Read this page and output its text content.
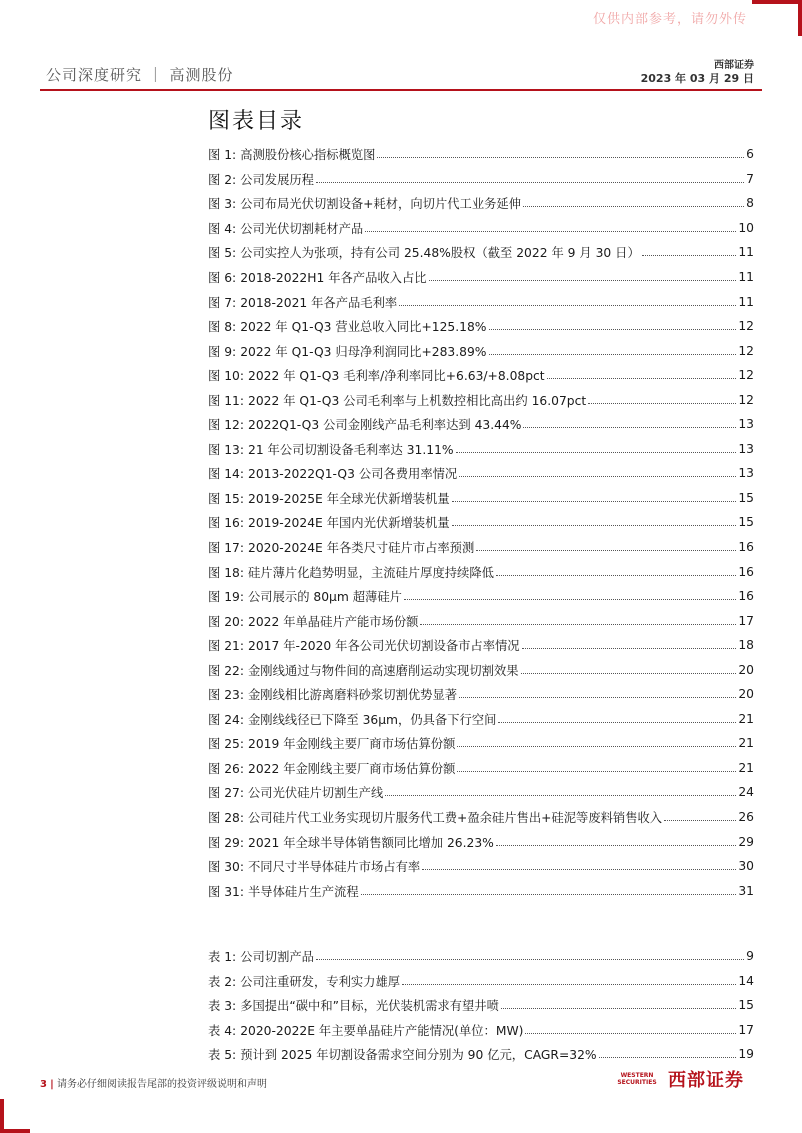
仅供内部参考，请勿外传
公司深度研究 ｜ 高测股份
西部证券
2023 年 03 月 29 日
图表目录
图 1: 高测股份核心指标概览图	6
图 2: 公司发展历程	7
图 3: 公司布局光伏切割设备+耗材，向切片代工业务延伸	8
图 4: 公司光伏切割耗材产品	10
图 5: 公司实控人为张项，持有公司 25.48%股权（截至 2022 年 9 月 30 日）	11
图 6: 2018-2022H1 年各产品收入占比	11
图 7: 2018-2021 年各产品毛利率	11
图 8: 2022 年 Q1-Q3 营业总收入同比+125.18%	12
图 9: 2022 年 Q1-Q3 归母净利润同比+283.89%	12
图 10: 2022 年 Q1-Q3 毛利率/净利率同比+6.63/+8.08pct	12
图 11: 2022 年 Q1-Q3 公司毛利率与上机数控相比高出约 16.07pct	12
图 12: 2022Q1-Q3 公司金刚线产品毛利率达到 43.44%	13
图 13: 21 年公司切割设备毛利率达 31.11%	13
图 14: 2013-2022Q1-Q3 公司各费用率情况	13
图 15: 2019-2025E 年全球光伏新增装机量	15
图 16: 2019-2024E 年国内光伏新增装机量	15
图 17: 2020-2024E 年各类尺寸硅片市占率预测	16
图 18: 硅片薄片化趋势明显，主流硅片厚度持续降低	16
图 19: 公司展示的 80μm 超薄硅片	16
图 20: 2022 年单晶硅片产能市场份额	17
图 21: 2017 年-2020 年各公司光伏切割设备市占率情况	18
图 22: 金刚线通过与物件间的高速磨削运动实现切割效果	20
图 23: 金刚线相比游离磨料砂浆切割优势显著	20
图 24: 金刚线线径已下降至 36μm，仍具备下行空间	21
图 25: 2019 年金刚线主要厂商市场估算份额	21
图 26: 2022 年金刚线主要厂商市场估算份额	21
图 27: 公司光伏硅片切割生产线	24
图 28: 公司硅片代工业务实现切片服务代工费+盈余硅片售出+硅泥等废料销售收入	26
图 29: 2021 年全球半导体销售额同比增加 26.23%	29
图 30: 不同尺寸半导体硅片市场占有率	30
图 31: 半导体硅片生产流程	31
表 1: 公司切割产品	9
表 2: 公司注重研发，专利实力雄厚	14
表 3: 多国提出“碳中和”目标，光伏装机需求有望井喷	15
表 4: 2020-2022E 年主要单晶硅片产能情况(单位：MW)	17
表 5: 预计到 2025 年切割设备需求空间分别为 90 亿元，CAGR=32%	19
3 | 请务必仔细阅读报告尾部的投资评级说明和声明
WESTERN
SECURITIES 西部证券
